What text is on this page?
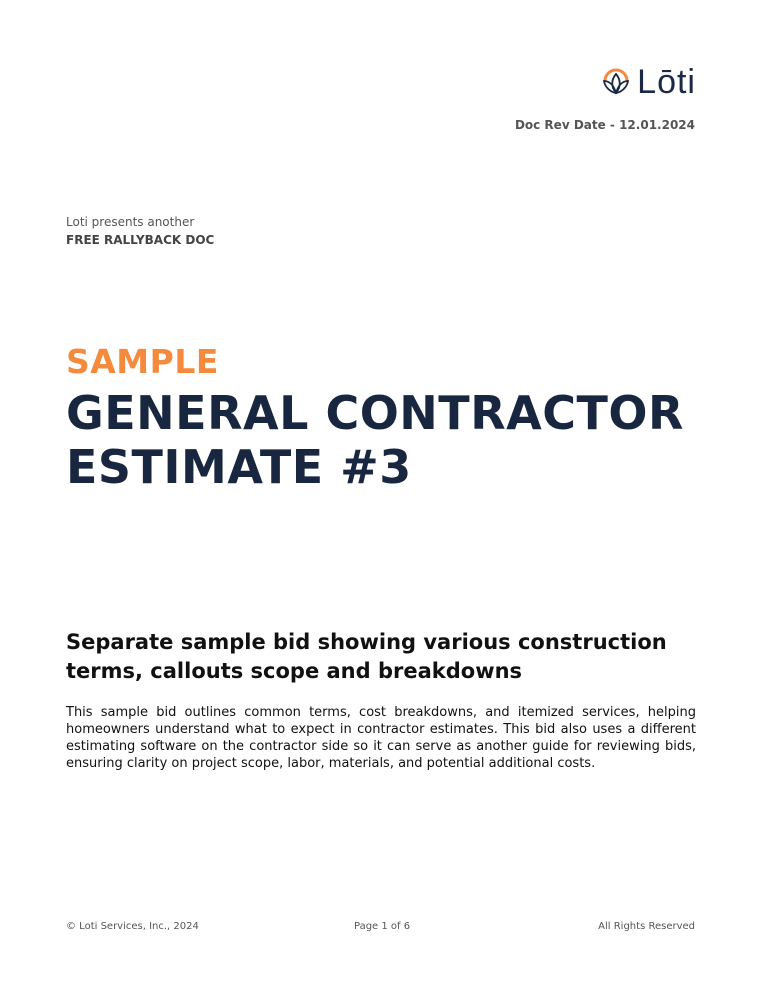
Lōti
Doc Rev Date - 12.01.2024
Loti presents another
FREE RALLYBACK DOC
SAMPLE
GENERAL CONTRACTOR
ESTIMATE #3
Separate sample bid showing various construction terms, callouts scope and breakdowns
This sample bid outlines common terms, cost breakdowns, and itemized services, helping homeowners understand what to expect in contractor estimates. This bid also uses a different estimating software on the contractor side so it can serve as another guide for reviewing bids, ensuring clarity on project scope, labor, materials, and potential additional costs.
© Loti Services, Inc., 2024	Page 1 of 6	All Rights Reserved
